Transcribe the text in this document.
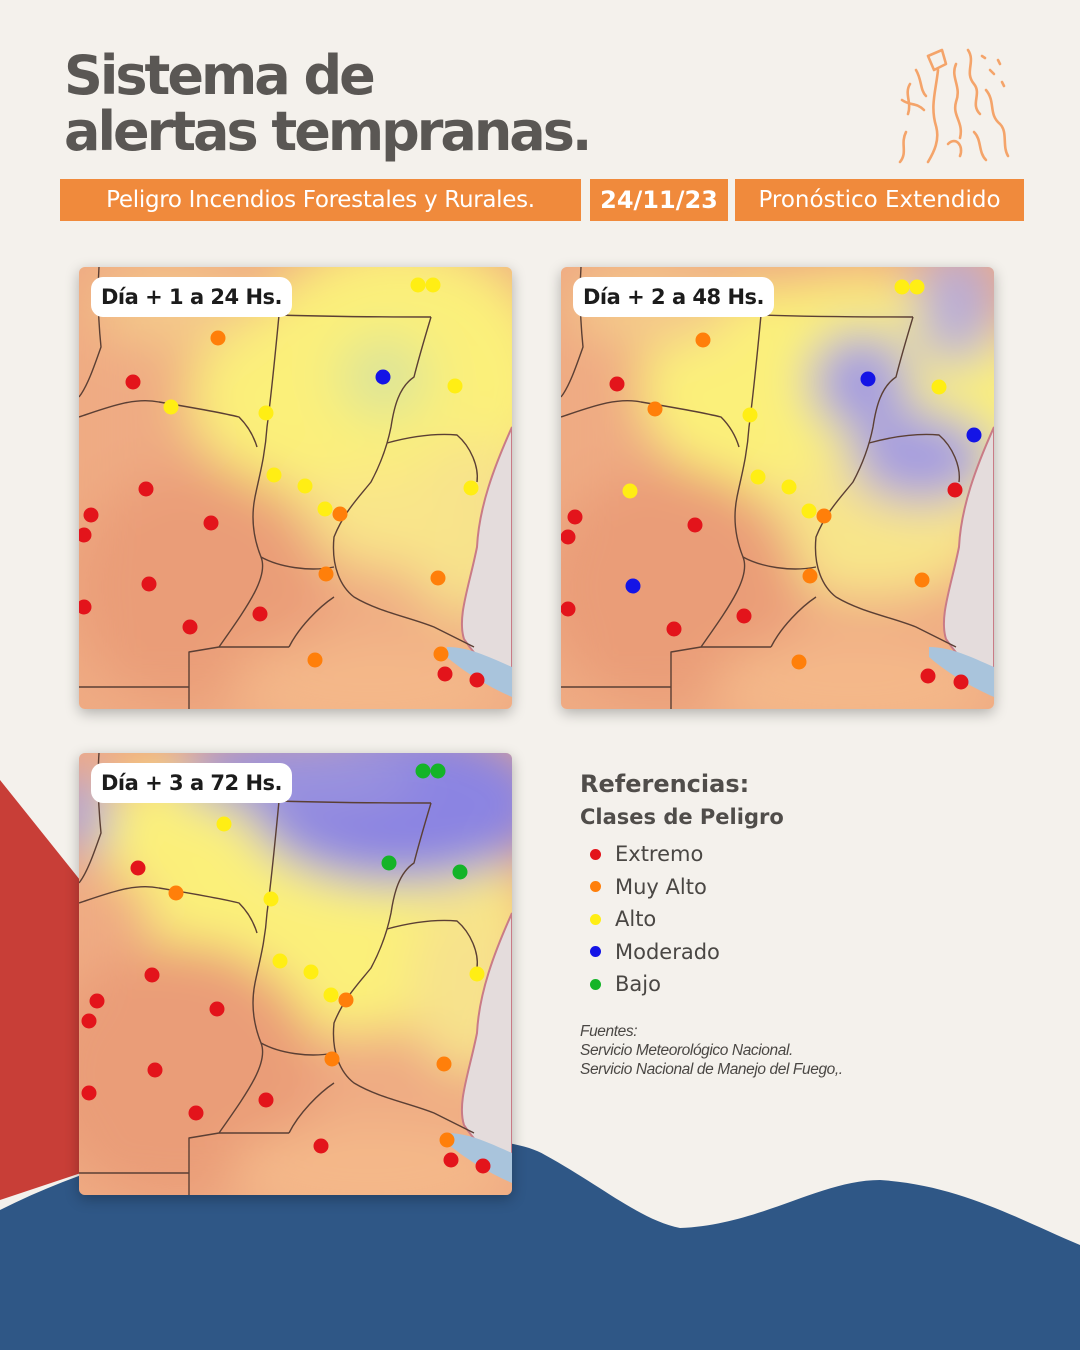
Sistema de
alertas tempranas.
Peligro Incendios Forestales y Rurales.	24/11/23	Pronóstico Extendido
Día + 1 a 24 Hs.	Día + 2 a 48 Hs.
Día + 3 a 72 Hs.	Referencias:
Clases de Peligro
Extremo
Muy Alto
Alto
Moderado
Bajo
Fuentes:
Servicio Meteorológico Nacional.
Servicio Nacional de Manejo del Fuego,.
